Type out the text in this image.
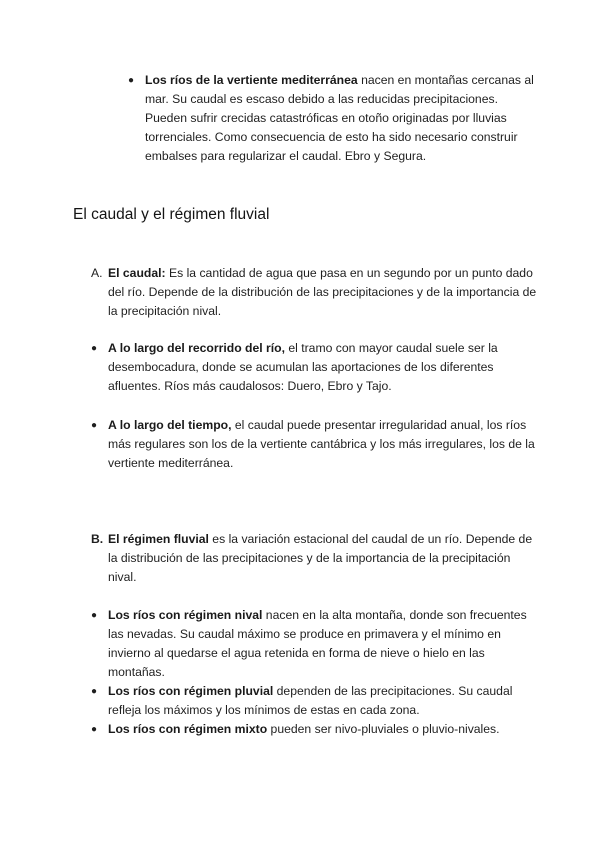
● Los ríos de la vertiente mediterránea nacen en montañas cercanas al mar. Su caudal es escaso debido a las reducidas precipitaciones. Pueden sufrir crecidas catastróficas en otoño originadas por lluvias torrenciales. Como consecuencia de esto ha sido necesario construir embalses para regularizar el caudal. Ebro y Segura.
El caudal y el régimen fluvial
A. El caudal: Es la cantidad de agua que pasa en un segundo por un punto dado del río. Depende de la distribución de las precipitaciones y de la importancia de la precipitación nival.
● A lo largo del recorrido del río, el tramo con mayor caudal suele ser la desembocadura, donde se acumulan las aportaciones de los diferentes afluentes. Ríos más caudalosos: Duero, Ebro y Tajo.
● A lo largo del tiempo, el caudal puede presentar irregularidad anual, los ríos más regulares son los de la vertiente cantábrica y los más irregulares, los de la vertiente mediterránea.
B. El régimen fluvial es la variación estacional del caudal de un río. Depende de la distribución de las precipitaciones y de la importancia de la precipitación nival.
● Los ríos con régimen nival nacen en la alta montaña, donde son frecuentes las nevadas. Su caudal máximo se produce en primavera y el mínimo en invierno al quedarse el agua retenida en forma de nieve o hielo en las montañas.
● Los ríos con régimen pluvial dependen de las precipitaciones. Su caudal refleja los máximos y los mínimos de estas en cada zona.
● Los ríos con régimen mixto pueden ser nivo-pluviales o pluvio-nivales.
